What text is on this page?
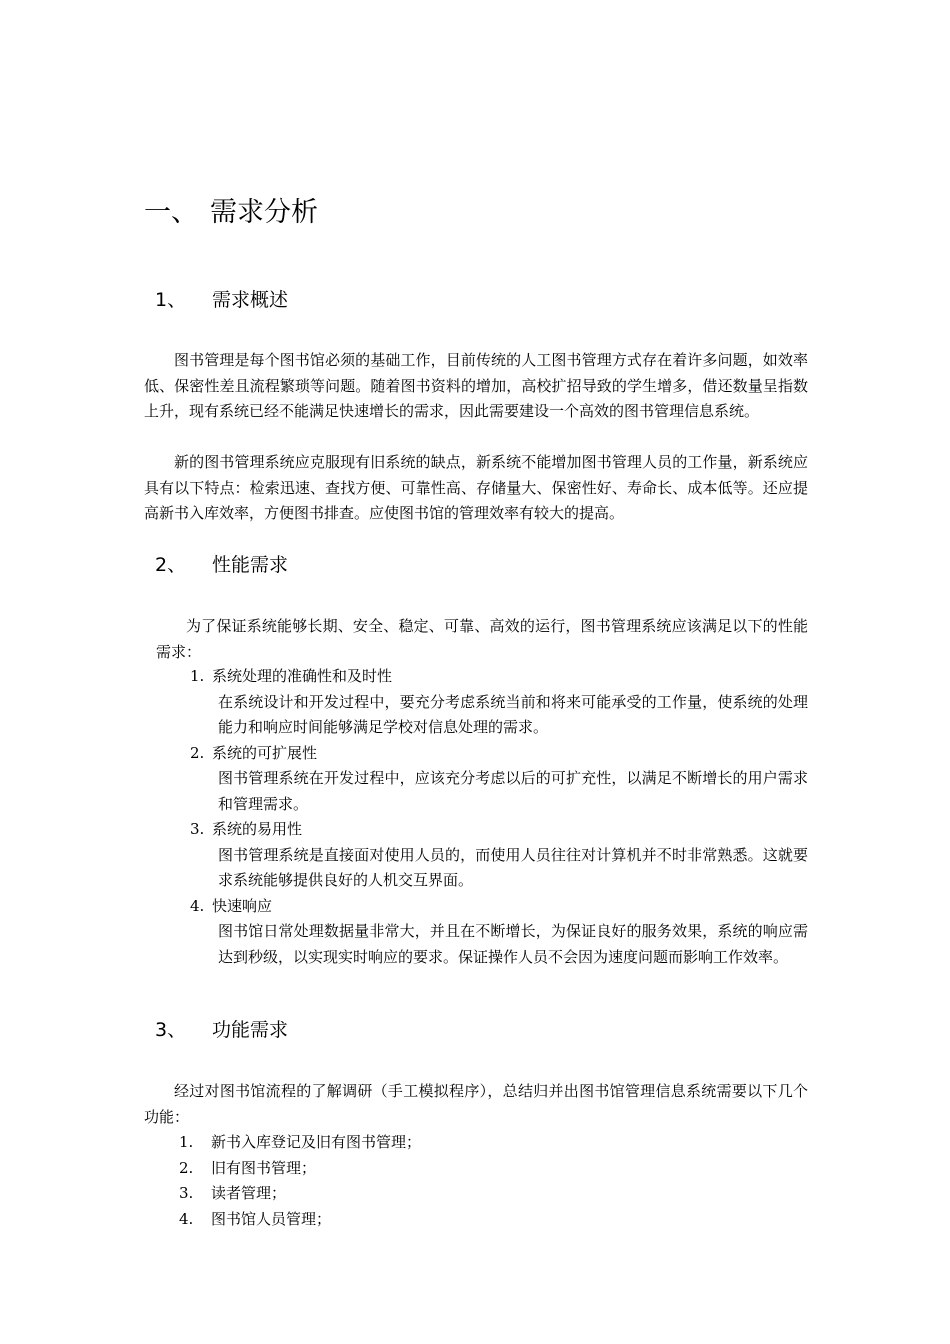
一、 需求分析
1、 需求概述

图书管理是每个图书馆必须的基础工作，目前传统的人工图书管理方式存在着许多问题，如效率低、保密性差且流程繁琐等问题。随着图书资料的增加，高校扩招导致的学生增多，借还数量呈指数上升，现有系统已经不能满足快速增长的需求，因此需要建设一个高效的图书管理信息系统。

新的图书管理系统应克服现有旧系统的缺点，新系统不能增加图书管理人员的工作量，新系统应具有以下特点：检索迅速、查找方便、可靠性高、存储量大、保密性好、寿命长、成本低等。还应提高新书入库效率，方便图书排查。应使图书馆的管理效率有较大的提高。

2、 性能需求

为了保证系统能够长期、安全、稳定、可靠、高效的运行，图书管理系统应该满足以下的性能需求：

1. 系统处理的准确性和及时性
在系统设计和开发过程中，要充分考虑系统当前和将来可能承受的工作量，使系统的处理能力和响应时间能够满足学校对信息处理的需求。
2. 系统的可扩展性
图书管理系统在开发过程中，应该充分考虑以后的可扩充性，以满足不断增长的用户需求和管理需求。
3. 系统的易用性
图书管理系统是直接面对使用人员的，而使用人员往往对计算机并不时非常熟悉。这就要求系统能够提供良好的人机交互界面。
4. 快速响应
图书馆日常处理数据量非常大，并且在不断增长，为保证良好的服务效果，系统的响应需达到秒级，以实现实时响应的要求。保证操作人员不会因为速度问题而影响工作效率。
3、 功能需求

经过对图书馆流程的了解调研（手工模拟程序），总结归并出图书馆管理信息系统需要以下几个功能：

1. 新书入库登记及旧有图书管理；
2. 旧有图书管理；
3. 读者管理；
4. 图书馆人员管理；
